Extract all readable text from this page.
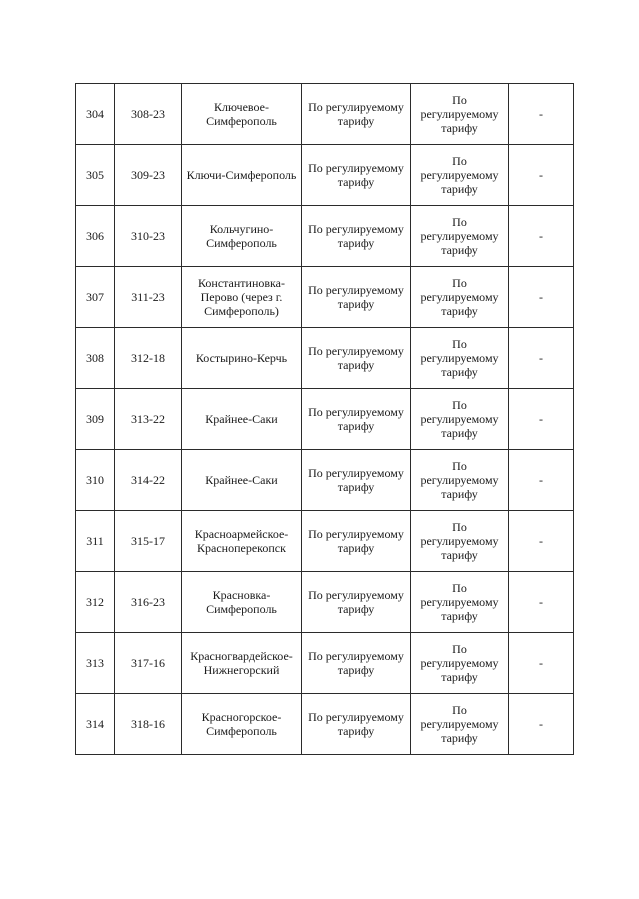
304	308-23	Ключевое-Симферополь	По регулируемому тарифу	По регулируемому тарифу	-
305	309-23	Ключи-Симферополь	По регулируемому тарифу	По регулируемому тарифу	-
306	310-23	Кольчугино-Симферополь	По регулируемому тарифу	По регулируемому тарифу	-
307	311-23	Константиновка-Перово (через г. Симферополь)	По регулируемому тарифу	По регулируемому тарифу	-
308	312-18	Костырино-Керчь	По регулируемому тарифу	По регулируемому тарифу	-
309	313-22	Крайнее-Саки	По регулируемому тарифу	По регулируемому тарифу	-
310	314-22	Крайнее-Саки	По регулируемому тарифу	По регулируемому тарифу	-
311	315-17	Красноармейское-Красноперекопск	По регулируемому тарифу	По регулируемому тарифу	-
312	316-23	Красновка-Симферополь	По регулируемому тарифу	По регулируемому тарифу	-
313	317-16	Красногвардейское-Нижнегорский	По регулируемому тарифу	По регулируемому тарифу	-
314	318-16	Красногорское-Симферополь	По регулируемому тарифу	По регулируемому тарифу	-
